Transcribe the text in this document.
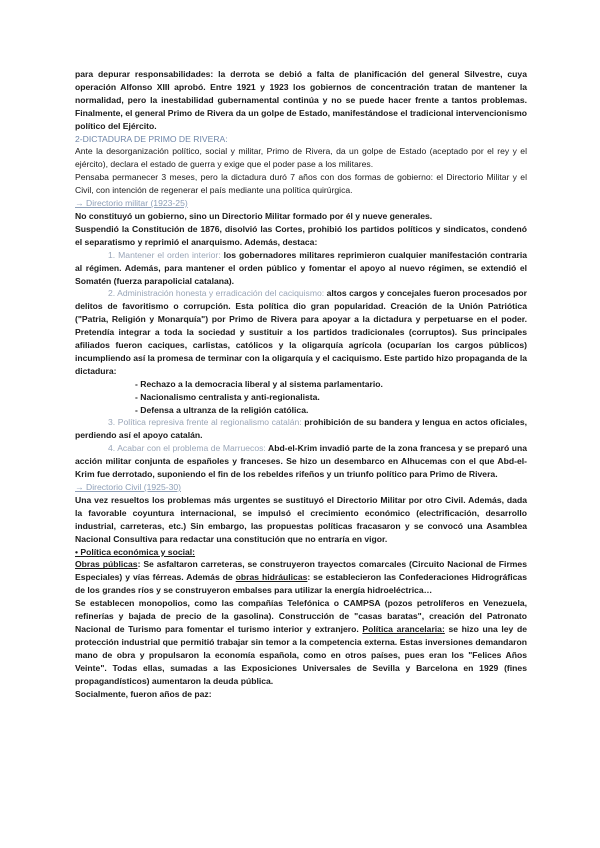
para depurar responsabilidades: la derrota se debió a falta de planificación del general Silvestre, cuya operación Alfonso XIII aprobó. Entre 1921 y 1923 los gobiernos de concentración tratan de mantener la normalidad, pero la inestabilidad gubernamental continúa y no se puede hacer frente a tantos problemas. Finalmente, el general Primo de Rivera da un golpe de Estado, manifestándose el tradicional intervencionismo político del Ejército.

2-DICTADURA DE PRIMO DE RIVERA:

Ante la desorganización político, social y militar, Primo de Rivera, da un golpe de Estado (aceptado por el rey y el ejército), declara el estado de guerra y exige que el poder pase a los militares.

Pensaba permanecer 3 meses, pero la dictadura duró 7 años con dos formas de gobierno: el Directorio Militar y el Civil, con intención de regenerar el país mediante una política quirúrgica.

→ Directorio militar (1923-25)

No constituyó un gobierno, sino un Directorio Militar formado por él y nueve generales.

Suspendió la Constitución de 1876, disolvió las Cortes, prohibió los partidos políticos y sindicatos, condenó el separatismo y reprimió el anarquismo. Además, destaca:

1. Mantener el orden interior: los gobernadores militares reprimieron cualquier manifestación contraria al régimen. Además, para mantener el orden público y fomentar el apoyo al nuevo régimen, se extendió el Somatén (fuerza parapolicial catalana).

2. Administración honesta y erradicación del caciquismo: altos cargos y concejales fueron procesados por delitos de favoritismo o corrupción. Esta política dio gran popularidad. Creación de la Unión Patriótica ("Patria, Religión y Monarquía") por Primo de Rivera para apoyar a la dictadura y perpetuarse en el poder. Pretendía integrar a toda la sociedad y sustituir a los partidos tradicionales (corruptos). Sus principales afiliados fueron caciques, carlistas, católicos y la oligarquía agrícola (ocuparían los cargos públicos) incumpliendo así la promesa de terminar con la oligarquía y el caciquismo. Este partido hizo propaganda de la dictadura:

- Rechazo a la democracia liberal y al sistema parlamentario.
- Nacionalismo centralista y anti-regionalista.
- Defensa a ultranza de la religión católica.

3. Política represiva frente al regionalismo catalán: prohibición de su bandera y lengua en actos oficiales, perdiendo así el apoyo catalán.

4. Acabar con el problema de Marruecos: Abd-el-Krim invadió parte de la zona francesa y se preparó una acción militar conjunta de españoles y franceses. Se hizo un desembarco en Alhucemas con el que Abd-el-Krim fue derrotado, suponiendo el fin de los rebeldes rifeños y un triunfo político para Primo de Rivera.

→ Directorio Civil (1925-30)

Una vez resueltos los problemas más urgentes se sustituyó el Directorio Militar por otro Civil. Además, dada la favorable coyuntura internacional, se impulsó el crecimiento económico (electrificación, desarrollo industrial, carreteras, etc.) Sin embargo, las propuestas políticas fracasaron y se convocó una Asamblea Nacional Consultiva para redactar una constitución que no entraría en vigor.

• Política económica y social:

Obras públicas: Se asfaltaron carreteras, se construyeron trayectos comarcales (Circuito Nacional de Firmes Especiales) y vías férreas. Además de obras hidráulicas: se establecieron las Confederaciones Hidrográficas de los grandes ríos y se construyeron embalses para utilizar la energía hidroeléctrica…

Se establecen monopolios, como las compañías Telefónica o CAMPSA (pozos petrolíferos en Venezuela, refinerías y bajada de precio de la gasolina). Construcción de "casas baratas", creación del Patronato Nacional de Turismo para fomentar el turismo interior y extranjero. Política arancelaria: se hizo una ley de protección industrial que permitió trabajar sin temor a la competencia externa. Estas inversiones demandaron mano de obra y propulsaron la economía española, como en otros países, pues eran los "Felices Años Veinte". Todas ellas, sumadas a las Exposiciones Universales de Sevilla y Barcelona en 1929 (fines propagandísticos) aumentaron la deuda pública.

Socialmente, fueron años de paz:
